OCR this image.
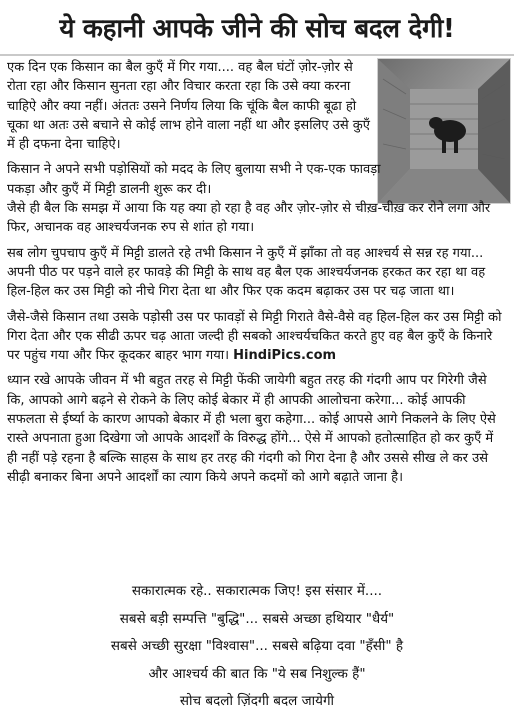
ये कहानी आपके जीने की सोच बदल देगी!

एक दिन एक किसान का बैल कुएँ में गिर गया.... वह बैल घंटों ज़ोर-ज़ोर से रोता रहा और किसान सुनता रहा और विचार करता रहा कि उसे क्या करना चाहिऐ और क्या नहीं। अंततः उसने निर्णय लिया कि चूंकि बैल काफी बूढा हो चूका था अतः उसे बचाने से कोई लाभ होने वाला नहीं था और इसलिए उसे कुएँ में ही दफना देना चाहिऐ।

किसान ने अपने सभी पड़ोसियों को मदद के लिए बुलाया सभी ने एक-एक फावड़ा पकड़ा और कुएँ में मिट्टी डालनी शुरू कर दी।

जैसे ही बैल कि समझ में आया कि यह क्या हो रहा है वह और ज़ोर-ज़ोर से चीख़-चीख़ कर रोने लगा और फिर, अचानक वह आश्चर्यजनक रुप से शांत हो गया।

सब लोग चुपचाप कुएँ में मिट्टी डालते रहे तभी किसान ने कुएँ में झाँका तो वह आश्चर्य से सन्न रह गया... अपनी पीठ पर पड़ने वाले हर फावड़े की मिट्टी के साथ वह बैल एक आश्चर्यजनक हरकत कर रहा था वह हिल-हिल कर उस मिट्टी को नीचे गिरा देता था और फिर एक कदम बढ़ाकर उस पर चढ़ जाता था।

जैसे-जैसे किसान तथा उसके पड़ोसी उस पर फावड़ों से मिट्टी गिराते वैसे-वैसे वह हिल-हिल कर उस मिट्टी को गिरा देता और एक सीढी ऊपर चढ़ आता जल्दी ही सबको आश्चर्यचकित करते हुए वह बैल कुएँ के किनारे पर पहुंच गया और फिर कूदकर बाहर भाग गया। HindiPics.com

ध्यान रखे आपके जीवन में भी बहुत तरह से मिट्टी फेंकी जायेगी बहुत तरह की गंदगी आप पर गिरेगी जैसे कि, आपको आगे बढ़ने से रोकने के लिए कोई बेकार में ही आपकी आलोचना करेगा... कोई आपकी सफलता से ईर्ष्या के कारण आपको बेकार में ही भला बुरा कहेगा... कोई आपसे आगे निकलने के लिए ऐसे रास्ते अपनाता हुआ दिखेगा जो आपके आदर्शों के विरुद्ध होंगे... ऐसे में आपको हतोत्साहित हो कर कुएँ में ही नहीं पड़े रहना है बल्कि साहस के साथ हर तरह की गंदगी को गिरा देना है और उससे सीख ले कर उसे सीढ़ी बनाकर बिना अपने आदर्शों का त्याग किये अपने कदमों को आगे बढ़ाते जाना है।

सकारात्मक रहे.. सकारात्मक जिए! इस संसार में....
सबसे बड़ी सम्पत्ति "बुद्धि"... सबसे अच्छा हथियार "धैर्य"
सबसे अच्छी सुरक्षा "विश्वास"... सबसे बढ़िया दवा "हँसी" है
और आश्चर्य की बात कि "ये सब निशुल्क हैं"
सोच बदलो ज़िंदगी बदल जायेगी
